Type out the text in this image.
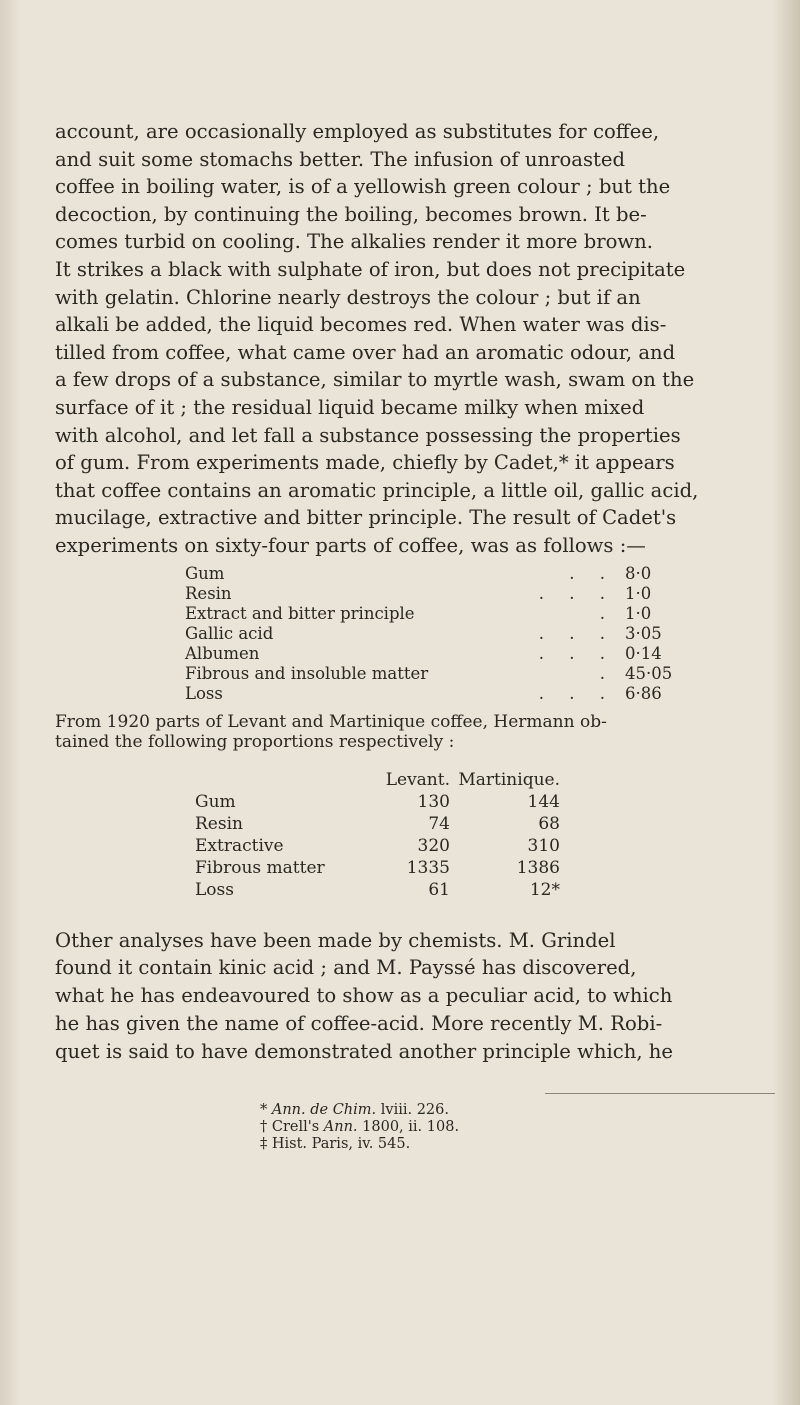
account, are occasionally employed as substitutes for coffee,
and suit some stomachs better. The infusion of unroasted
coffee in boiling water, is of a yellowish green colour ; but the
decoction, by continuing the boiling, becomes brown. It be-
comes turbid on cooling. The alkalies render it more brown.
It strikes a black with sulphate of iron, but does not precipitate
with gelatin. Chlorine nearly destroys the colour ; but if an
alkali be added, the liquid becomes red. When water was dis-
tilled from coffee, what came over had an aromatic odour, and
a few drops of a substance, similar to myrtle wash, swam on the
surface of it ; the residual liquid became milky when mixed
with alcohol, and let fall a substance possessing the properties
of gum. From experiments made, chiefly by Cadet,* it appears
that coffee contains an aromatic principle, a little oil, gallic acid,
mucilage, extractive and bitter principle. The result of Cadet's
experiments on sixty-four parts of coffee, was as follows :—

Gum	. . 8·0
Resin	. . . 1·0
Extract and bitter principle	. 1·0
Gallic acid	. . . 3·05
Albumen	. . . 0·14
Fibrous and insoluble matter	. 45·05
Loss	. . . 6·86

From 1920 parts of Levant and Martinique coffee, Hermann ob-
tained the following proportions respectively :

Levant. Martinique.
Gum	130	144
Resin	74	68
Extractive	320	310
Fibrous matter	1335	1386
Loss	61	12*

Other analyses have been made by chemists. M. Grindel
found it contain kinic acid ; and M. Payssé has discovered,
what he has endeavoured to show as a peculiar acid, to which
he has given the name of coffee-acid. More recently M. Robi-
quet is said to have demonstrated another principle which, he

* Ann. de Chim. lviii. 226.
† Crell's Ann. 1800, ii. 108.
‡ Hist. Paris, iv. 545.
